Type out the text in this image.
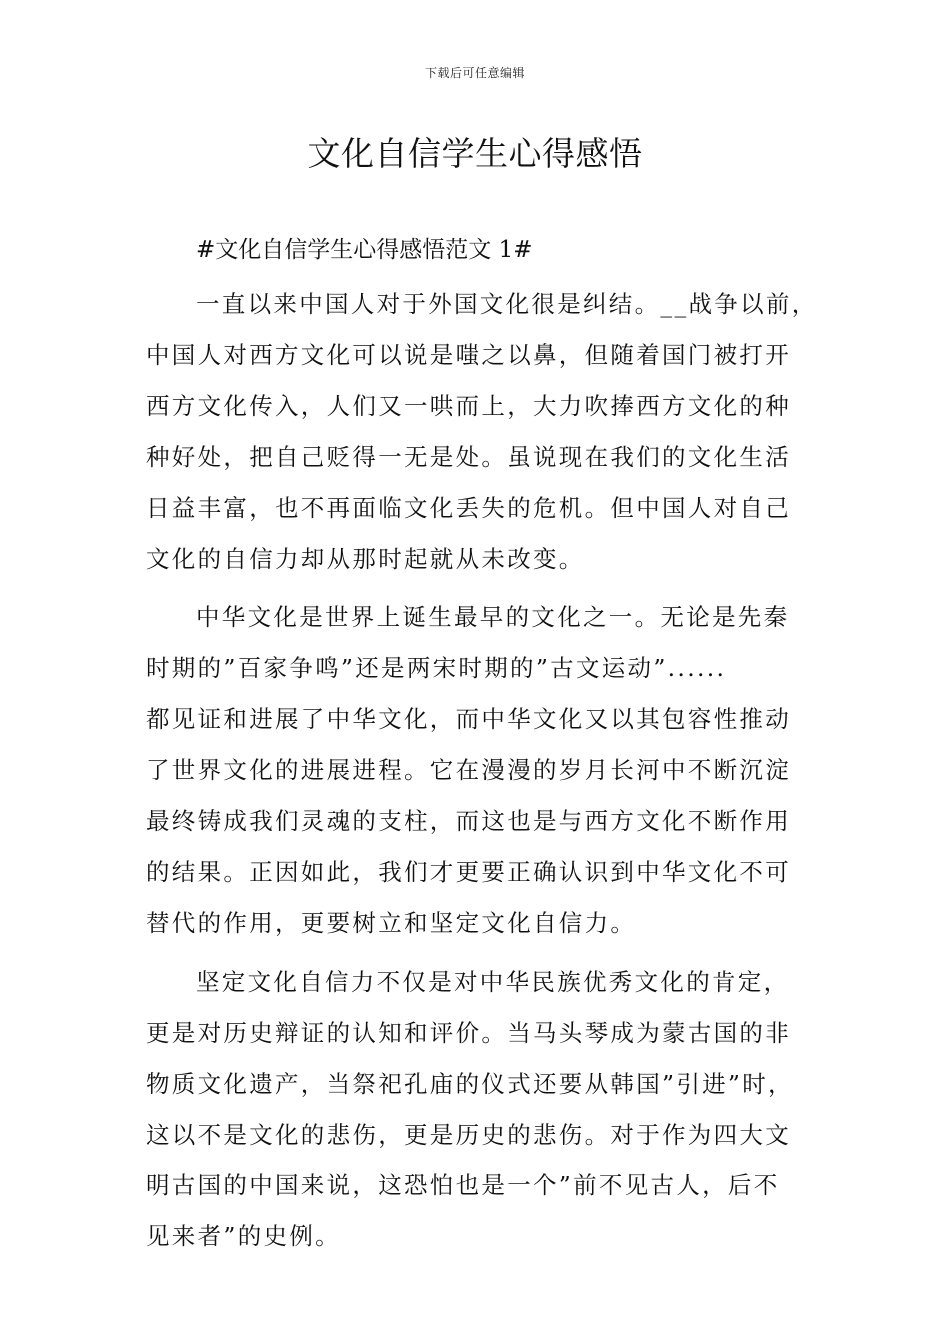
下载后可任意编辑
文化自信学生心得感悟

#文化自信学生心得感悟范文 1#

一直以来中国人对于外国文化很是纠结。__战争以前，
中国人对西方文化可以说是嗤之以鼻，但随着国门被打开
西方文化传入，人们又一哄而上，大力吹捧西方文化的种
种好处，把自己贬得一无是处。虽说现在我们的文化生活
日益丰富，也不再面临文化丢失的危机。但中国人对自己
文化的自信力却从那时起就从未改变。

中华文化是世界上诞生最早的文化之一。无论是先秦
时期的”百家争鸣”还是两宋时期的”古文运动”......
都见证和进展了中华文化，而中华文化又以其包容性推动
了世界文化的进展进程。它在漫漫的岁月长河中不断沉淀
最终铸成我们灵魂的支柱，而这也是与西方文化不断作用
的结果。正因如此，我们才更要正确认识到中华文化不可
替代的作用，更要树立和坚定文化自信力。

坚定文化自信力不仅是对中华民族优秀文化的肯定，
更是对历史辩证的认知和评价。当马头琴成为蒙古国的非
物质文化遗产，当祭祀孔庙的仪式还要从韩国”引进”时，
这以不是文化的悲伤，更是历史的悲伤。对于作为四大文
明古国的中国来说，这恐怕也是一个”前不见古人，后不
见来者”的史例。
